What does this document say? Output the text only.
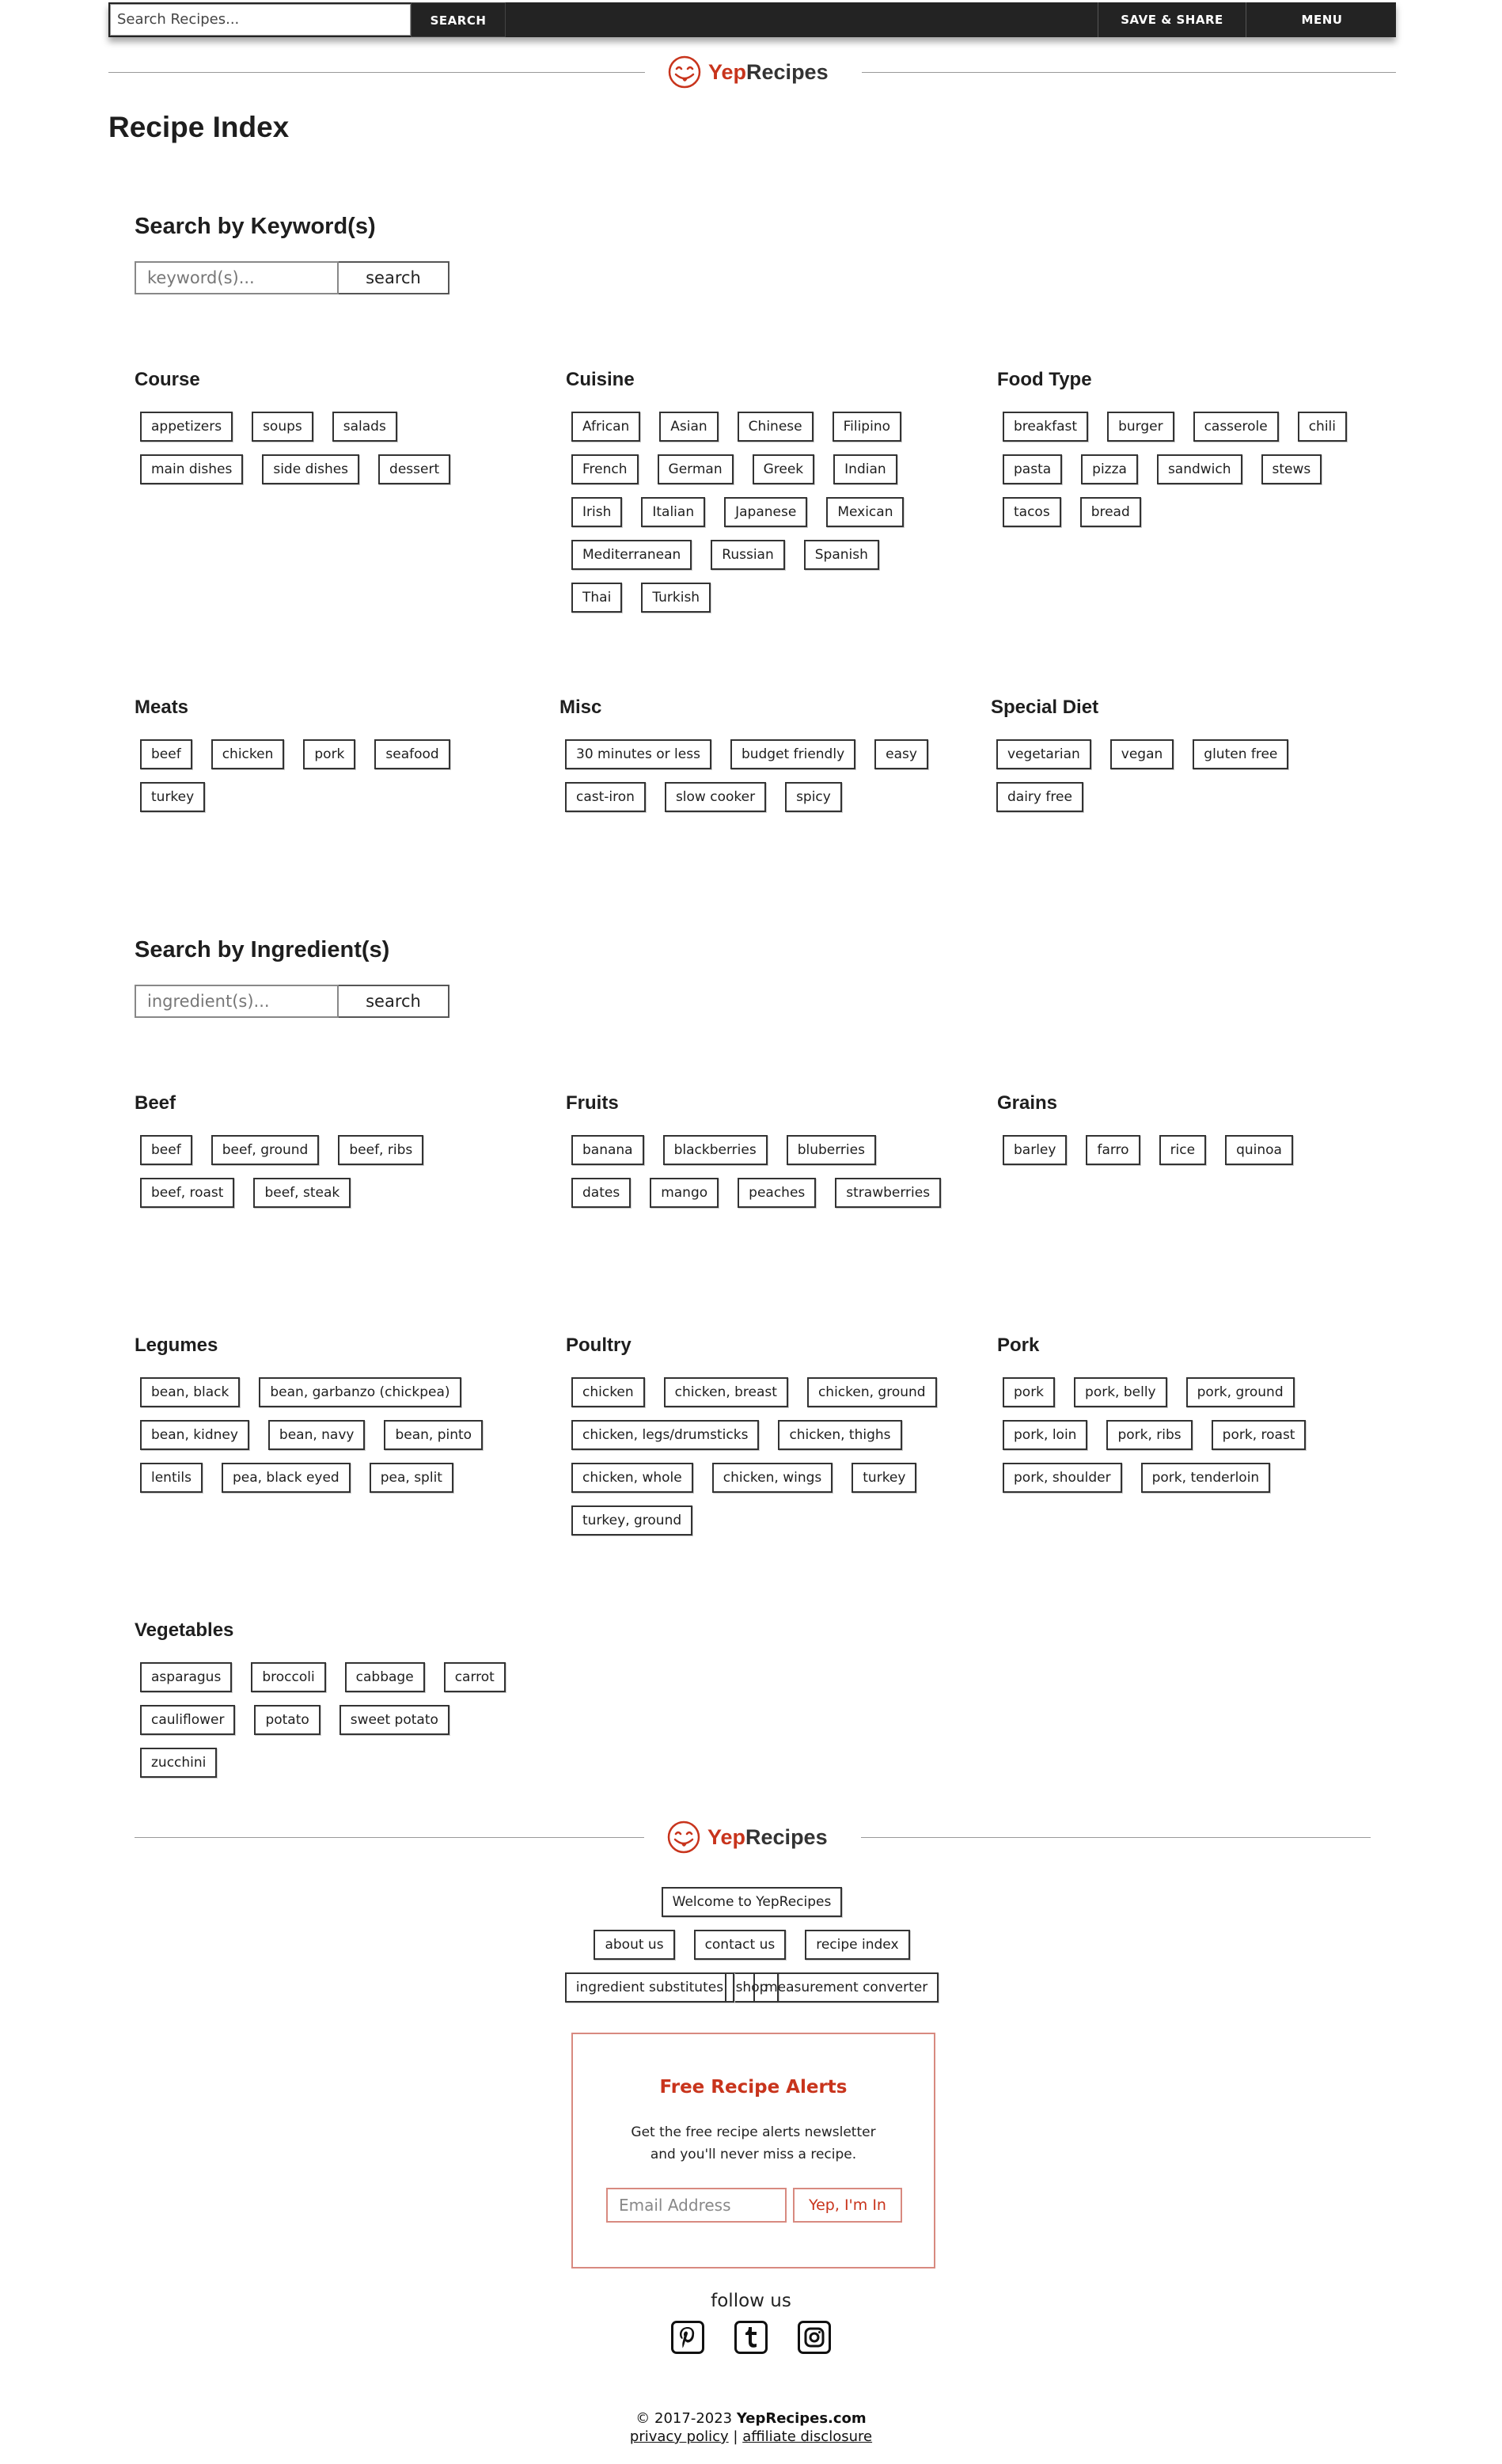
Search Recipes...	SEARCH	SAVE & SHARE	MENU
Yep Recipes
Recipe Index
Search by Keyword(s)
keyword(s)...	search
Course
appetizers	soups	salads
main dishes	side dishes	dessert
Cuisine
African	Asian	Chinese	Filipino
French	German	Greek	Indian
Irish	Italian	Japanese	Mexican
Mediterranean	Russian	Spanish
Thai	Turkish
Food Type
breakfast	burger	casserole	chili
pasta	pizza	sandwich	stews
tacos	bread
Meats
beef	chicken	pork	seafood
turkey
Misc
30 minutes or less	budget friendly	easy
cast-iron	slow cooker	spicy
Special Diet
vegetarian	vegan	gluten free
dairy free
Search by Ingredient(s)
ingredient(s)...	search
Beef
beef	beef, ground	beef, ribs
beef, roast	beef, steak
Fruits
banana	blackberries	bluberries
dates	mango	peaches	strawberries
Grains
barley	farro	rice	quinoa
Legumes
bean, black	bean, garbanzo (chickpea)
bean, kidney	bean, navy	bean, pinto
lentils	pea, black eyed	pea, split
Poultry
chicken	chicken, breast	chicken, ground
chicken, legs/drumsticks	chicken, thighs
chicken, whole	chicken, wings	turkey
turkey, ground
Pork
pork	pork, belly	pork, ground
pork, loin	pork, ribs	pork, roast
pork, shoulder	pork, tenderloin
Vegetables
asparagus	broccoli	cabbage	carrot
cauliflower	potato	sweet potato
zucchini
Yep Recipes
Welcome to YepRecipes
about us	contact us	recipe index
shop
ingredient substitutes	measurement converter
Free Recipe Alerts
Get the free recipe alerts newsletter
and you'll never miss a recipe.
Email Address	Yep, I'm In
follow us
© 2017-2023 YepRecipes.com
privacy policy | affiliate disclosure
